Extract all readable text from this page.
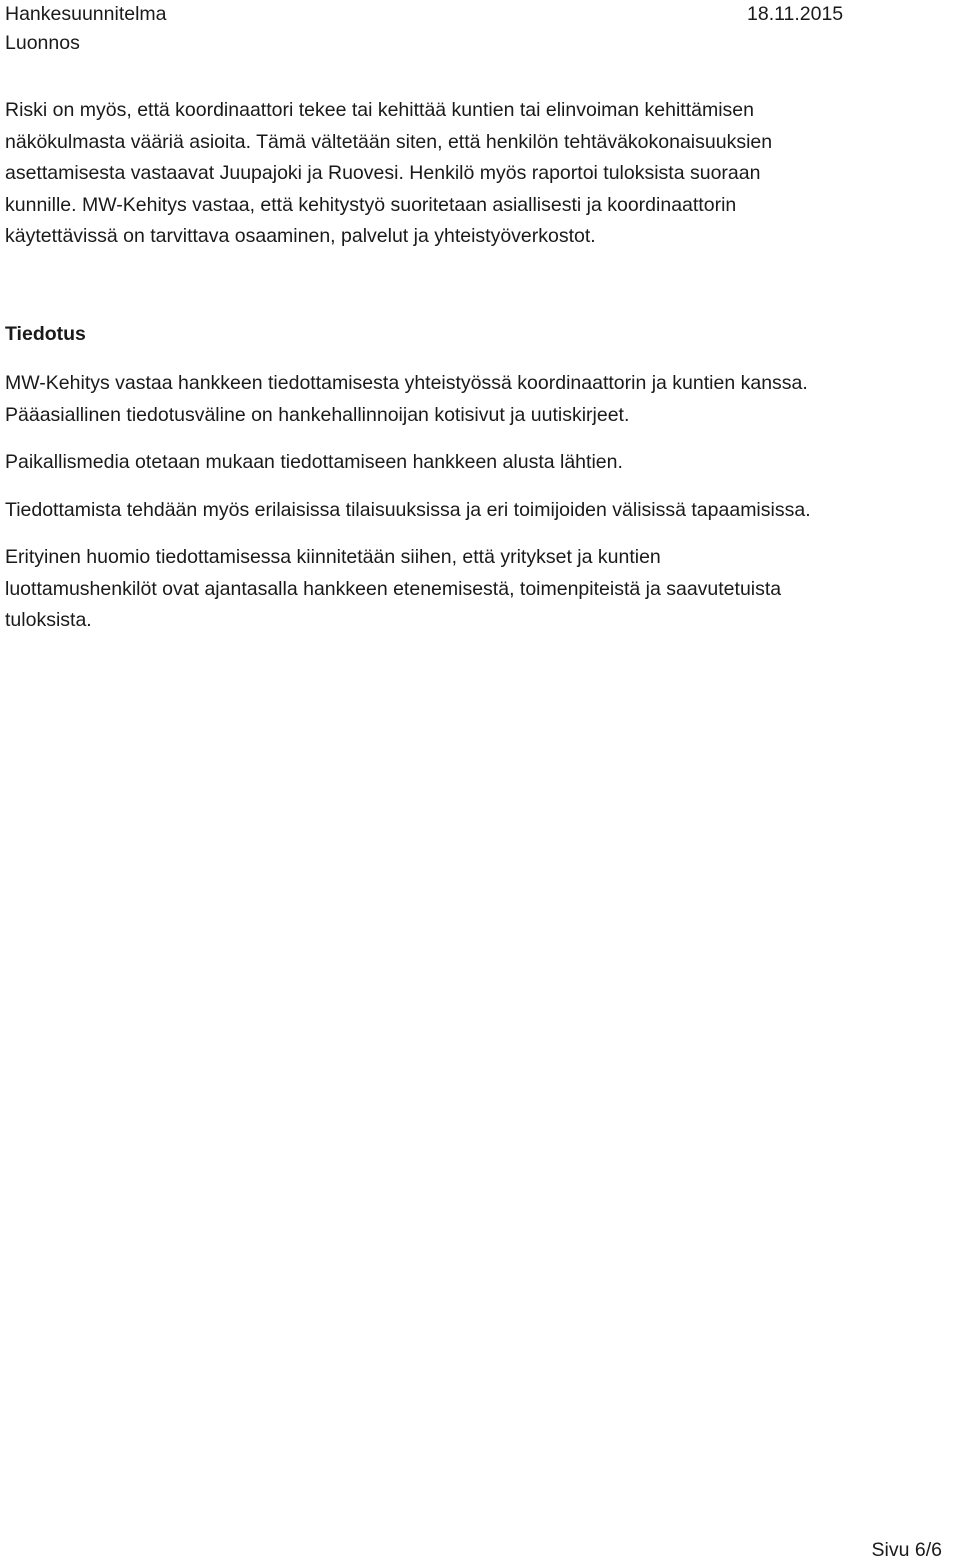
Hankesuunnitelma
Luonnos
18.11.2015
Riski on myös, että koordinaattori tekee tai kehittää kuntien tai elinvoiman kehittämisen
näkökulmasta vääriä asioita. Tämä vältetään siten, että henkilön tehtäväkokonaisuuksien
asettamisesta vastaavat Juupajoki ja Ruovesi. Henkilö myös raportoi tuloksista suoraan
kunnille. MW-Kehitys vastaa, että kehitystyö suoritetaan asiallisesti ja koordinaattorin
käytettävissä on tarvittava osaaminen, palvelut ja yhteistyöverkostot.
Tiedotus
MW-Kehitys vastaa hankkeen tiedottamisesta yhteistyössä koordinaattorin ja kuntien kanssa.
Pääasiallinen tiedotusväline on hankehallinnoijan kotisivut ja uutiskirjeet.
Paikallismedia otetaan mukaan tiedottamiseen hankkeen alusta lähtien.
Tiedottamista tehdään myös erilaisissa tilaisuuksissa ja eri toimijoiden välisissä tapaamisissa.
Erityinen huomio tiedottamisessa kiinnitetään siihen, että yritykset ja kuntien
luottamushenkilöt ovat ajantasalla hankkeen etenemisestä, toimenpiteistä ja saavutetuista
tuloksista.
Sivu 6/6
